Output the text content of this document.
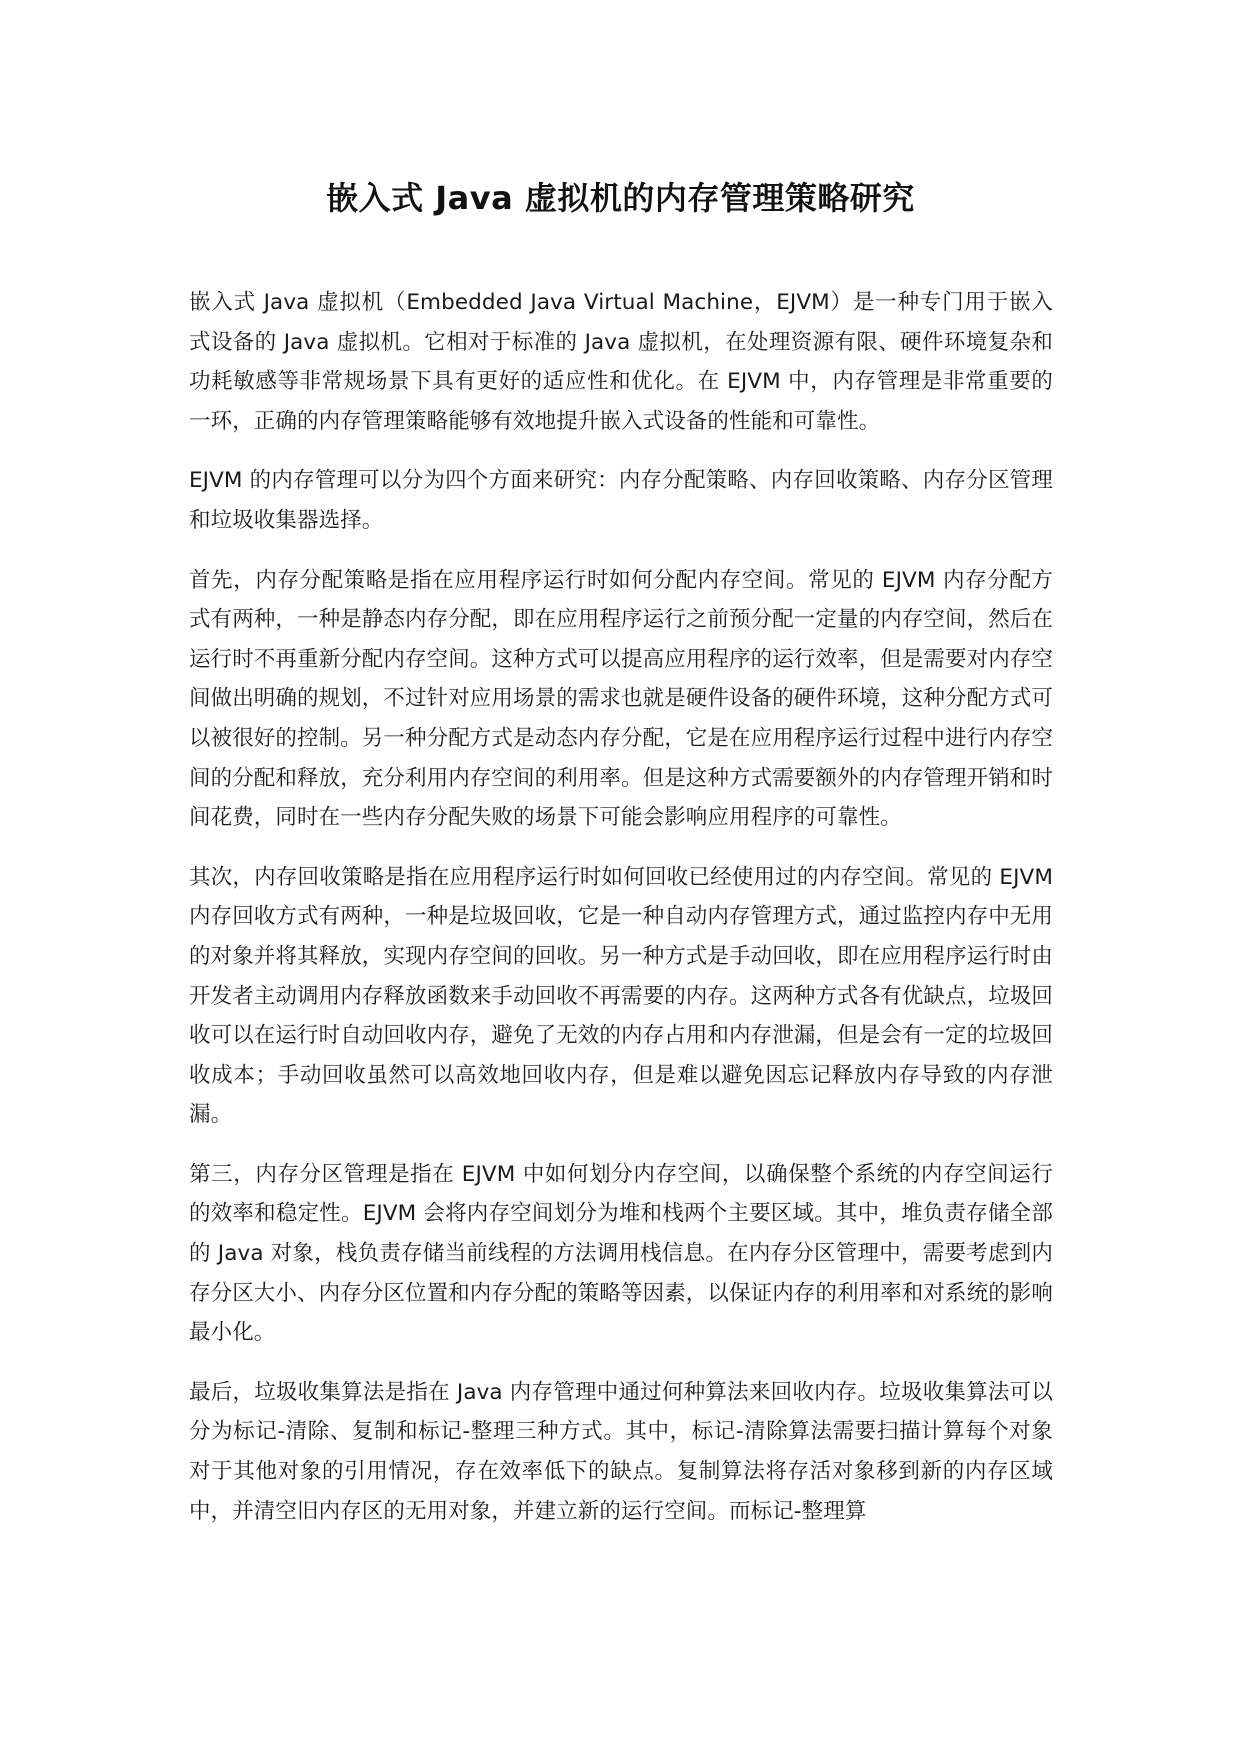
嵌入式 Java 虚拟机的内存管理策略研究

嵌入式 Java 虚拟机（Embedded Java Virtual Machine，EJVM）是一种专门用于嵌入式设备的 Java 虚拟机。它相对于标准的 Java 虚拟机，在处理资源有限、硬件环境复杂和功耗敏感等非常规场景下具有更好的适应性和优化。在 EJVM 中，内存管理是非常重要的一环，正确的内存管理策略能够有效地提升嵌入式设备的性能和可靠性。

EJVM 的内存管理可以分为四个方面来研究：内存分配策略、内存回收策略、内存分区管理和垃圾收集器选择。

首先，内存分配策略是指在应用程序运行时如何分配内存空间。常见的 EJVM 内存分配方式有两种，一种是静态内存分配，即在应用程序运行之前预分配一定量的内存空间，然后在运行时不再重新分配内存空间。这种方式可以提高应用程序的运行效率，但是需要对内存空间做出明确的规划，不过针对应用场景的需求也就是硬件设备的硬件环境，这种分配方式可以被很好的控制。另一种分配方式是动态内存分配，它是在应用程序运行过程中进行内存空间的分配和释放，充分利用内存空间的利用率。但是这种方式需要额外的内存管理开销和时间花费，同时在一些内存分配失败的场景下可能会影响应用程序的可靠性。

其次，内存回收策略是指在应用程序运行时如何回收已经使用过的内存空间。常见的 EJVM 内存回收方式有两种，一种是垃圾回收，它是一种自动内存管理方式，通过监控内存中无用的对象并将其释放，实现内存空间的回收。另一种方式是手动回收，即在应用程序运行时由开发者主动调用内存释放函数来手动回收不再需要的内存。这两种方式各有优缺点，垃圾回收可以在运行时自动回收内存，避免了无效的内存占用和内存泄漏，但是会有一定的垃圾回收成本；手动回收虽然可以高效地回收内存，但是难以避免因忘记释放内存导致的内存泄漏。

第三，内存分区管理是指在 EJVM 中如何划分内存空间，以确保整个系统的内存空间运行的效率和稳定性。EJVM 会将内存空间划分为堆和栈两个主要区域。其中，堆负责存储全部的 Java 对象，栈负责存储当前线程的方法调用栈信息。在内存分区管理中，需要考虑到内存分区大小、内存分区位置和内存分配的策略等因素，以保证内存的利用率和对系统的影响最小化。

最后，垃圾收集算法是指在 Java 内存管理中通过何种算法来回收内存。垃圾收集算法可以分为标记-清除、复制和标记-整理三种方式。其中，标记-清除算法需要扫描计算每个对象对于其他对象的引用情况，存在效率低下的缺点。复制算法将存活对象移到新的内存区域中，并清空旧内存区的无用对象，并建立新的运行空间。而标记-整理算
